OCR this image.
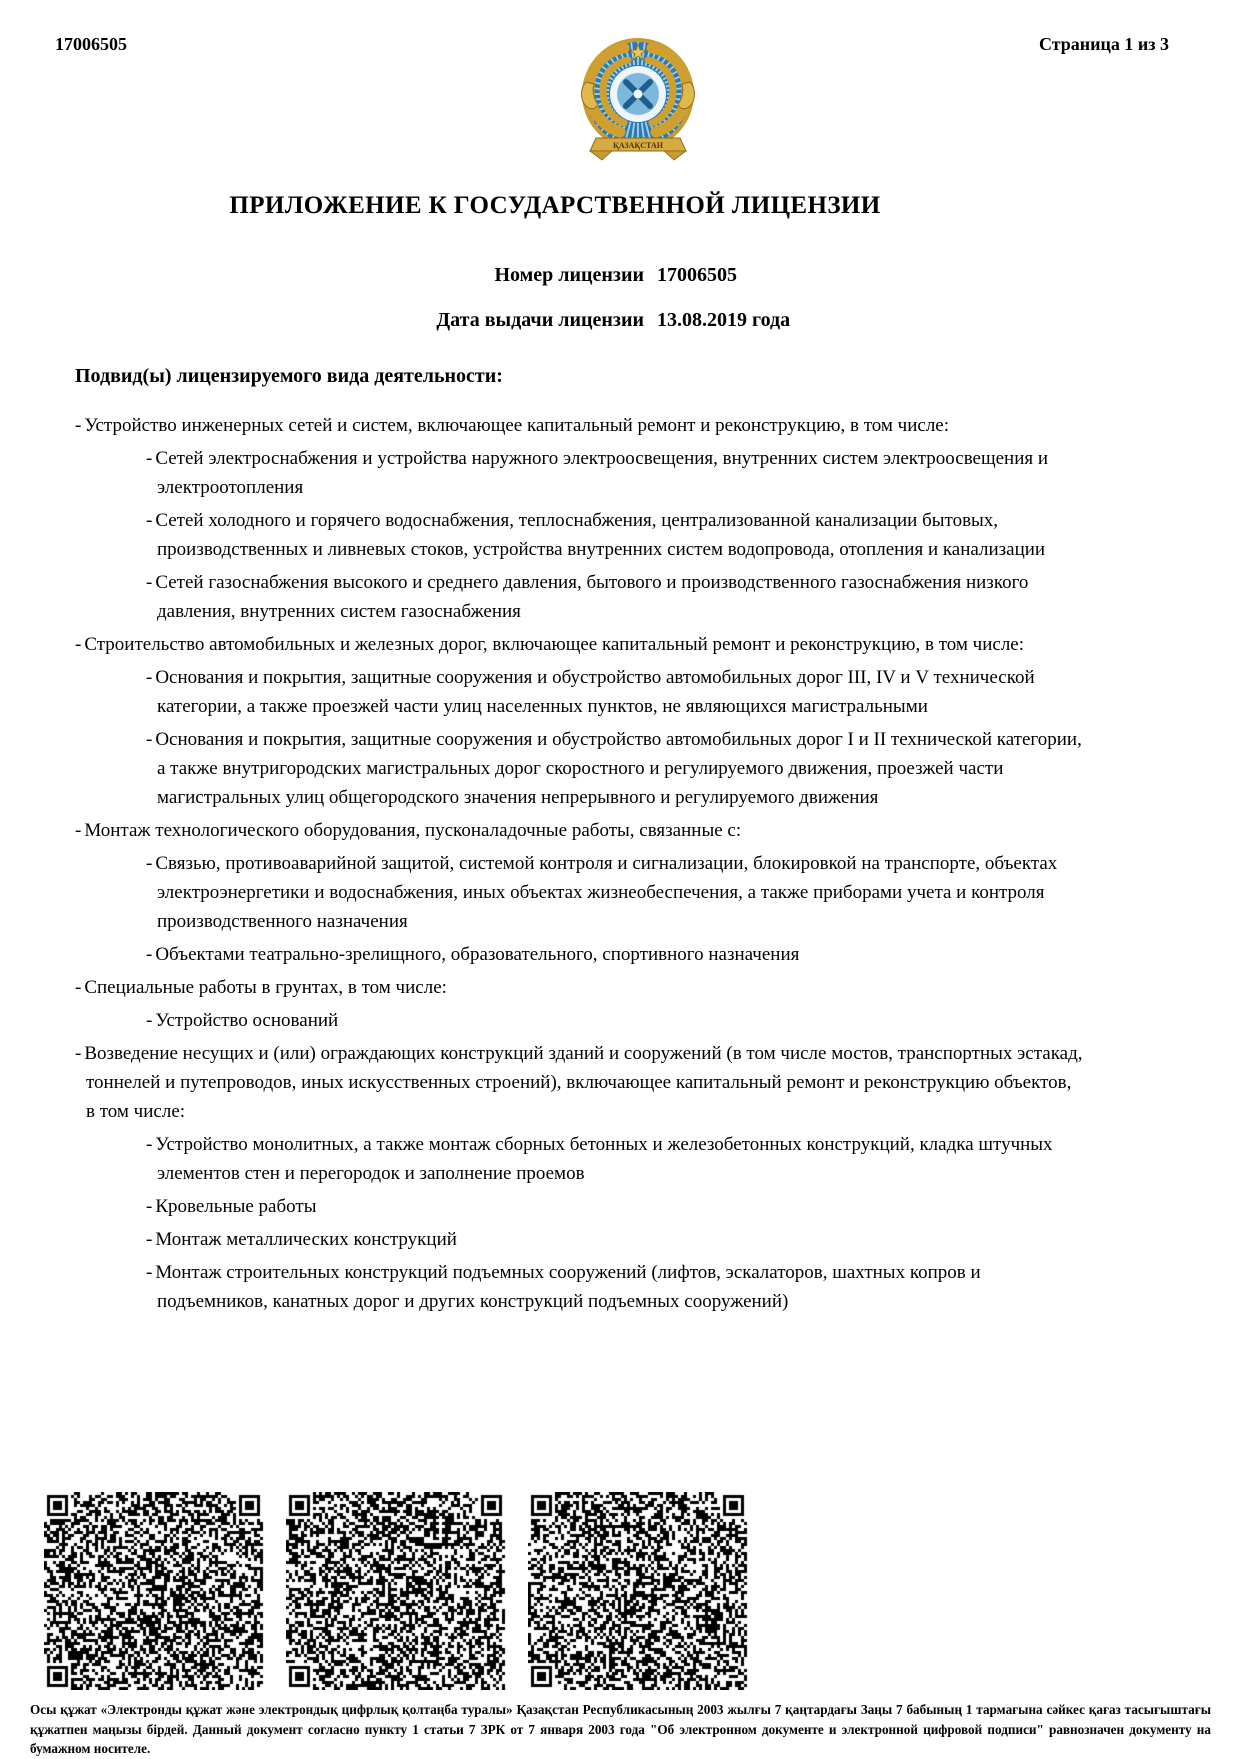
17006505	Страница 1 из 3
ҚАЗАҚСТАН
ПРИЛОЖЕНИЕ К ГОСУДАРСТВЕННОЙ ЛИЦЕНЗИИ
Номер лицензии 17006505
Дата выдачи лицензии 13.08.2019 года
Подвид(ы) лицензируемого вида деятельности:
- Устройство инженерных сетей и систем, включающее капитальный ремонт и реконструкцию, в том числе:
- Сетей электроснабжения и устройства наружного электроосвещения, внутренних систем электроосвещения и электроотопления
- Сетей холодного и горячего водоснабжения, теплоснабжения, централизованной канализации бытовых, производственных и ливневых стоков, устройства внутренних систем водопровода, отопления и канализации
- Сетей газоснабжения высокого и среднего давления, бытового и производственного газоснабжения низкого давления, внутренних систем газоснабжения
- Строительство автомобильных и железных дорог, включающее капитальный ремонт и реконструкцию, в том числе:
- Основания и покрытия, защитные сооружения и обустройство автомобильных дорог III, IV и V технической категории, а также проезжей части улиц населенных пунктов, не являющихся магистральными
- Основания и покрытия, защитные сооружения и обустройство автомобильных дорог I и II технической категории, а также внутригородских магистральных дорог скоростного и регулируемого движения, проезжей части магистральных улиц общегородского значения непрерывного и регулируемого движения
- Монтаж технологического оборудования, пусконаладочные работы, связанные с:
- Связью, противоаварийной защитой, системой контроля и сигнализации, блокировкой на транспорте, объектах электроэнергетики и водоснабжения, иных объектах жизнеобеспечения, а также приборами учета и контроля производственного назначения
- Объектами театрально-зрелищного, образовательного, спортивного назначения
- Специальные работы в грунтах, в том числе:
- Устройство оснований
- Возведение несущих и (или) ограждающих конструкций зданий и сооружений (в том числе мостов, транспортных эстакад, тоннелей и путепроводов, иных искусственных строений), включающее капитальный ремонт и реконструкцию объектов, в том числе:
- Устройство монолитных, а также монтаж сборных бетонных и железобетонных конструкций, кладка штучных элементов стен и перегородок и заполнение проемов
- Кровельные работы
- Монтаж металлических конструкций
- Монтаж строительных конструкций подъемных сооружений (лифтов, эскалаторов, шахтных копров и подъемников, канатных дорог и других конструкций подъемных сооружений)
Осы құжат «Электронды құжат және электрондық цифрлық қолтаңба туралы» Қазақстан Республикасының 2003 жылғы 7 қаңтардағы Заңы 7 бабының 1 тармағына сәйкес қағаз тасығыштағы құжатпен маңызы бірдей. Данный документ согласно пункту 1 статьи 7 ЗРК от 7 января 2003 года "Об электронном документе и электронной цифровой подписи" равнозначен документу на бумажном носителе.
